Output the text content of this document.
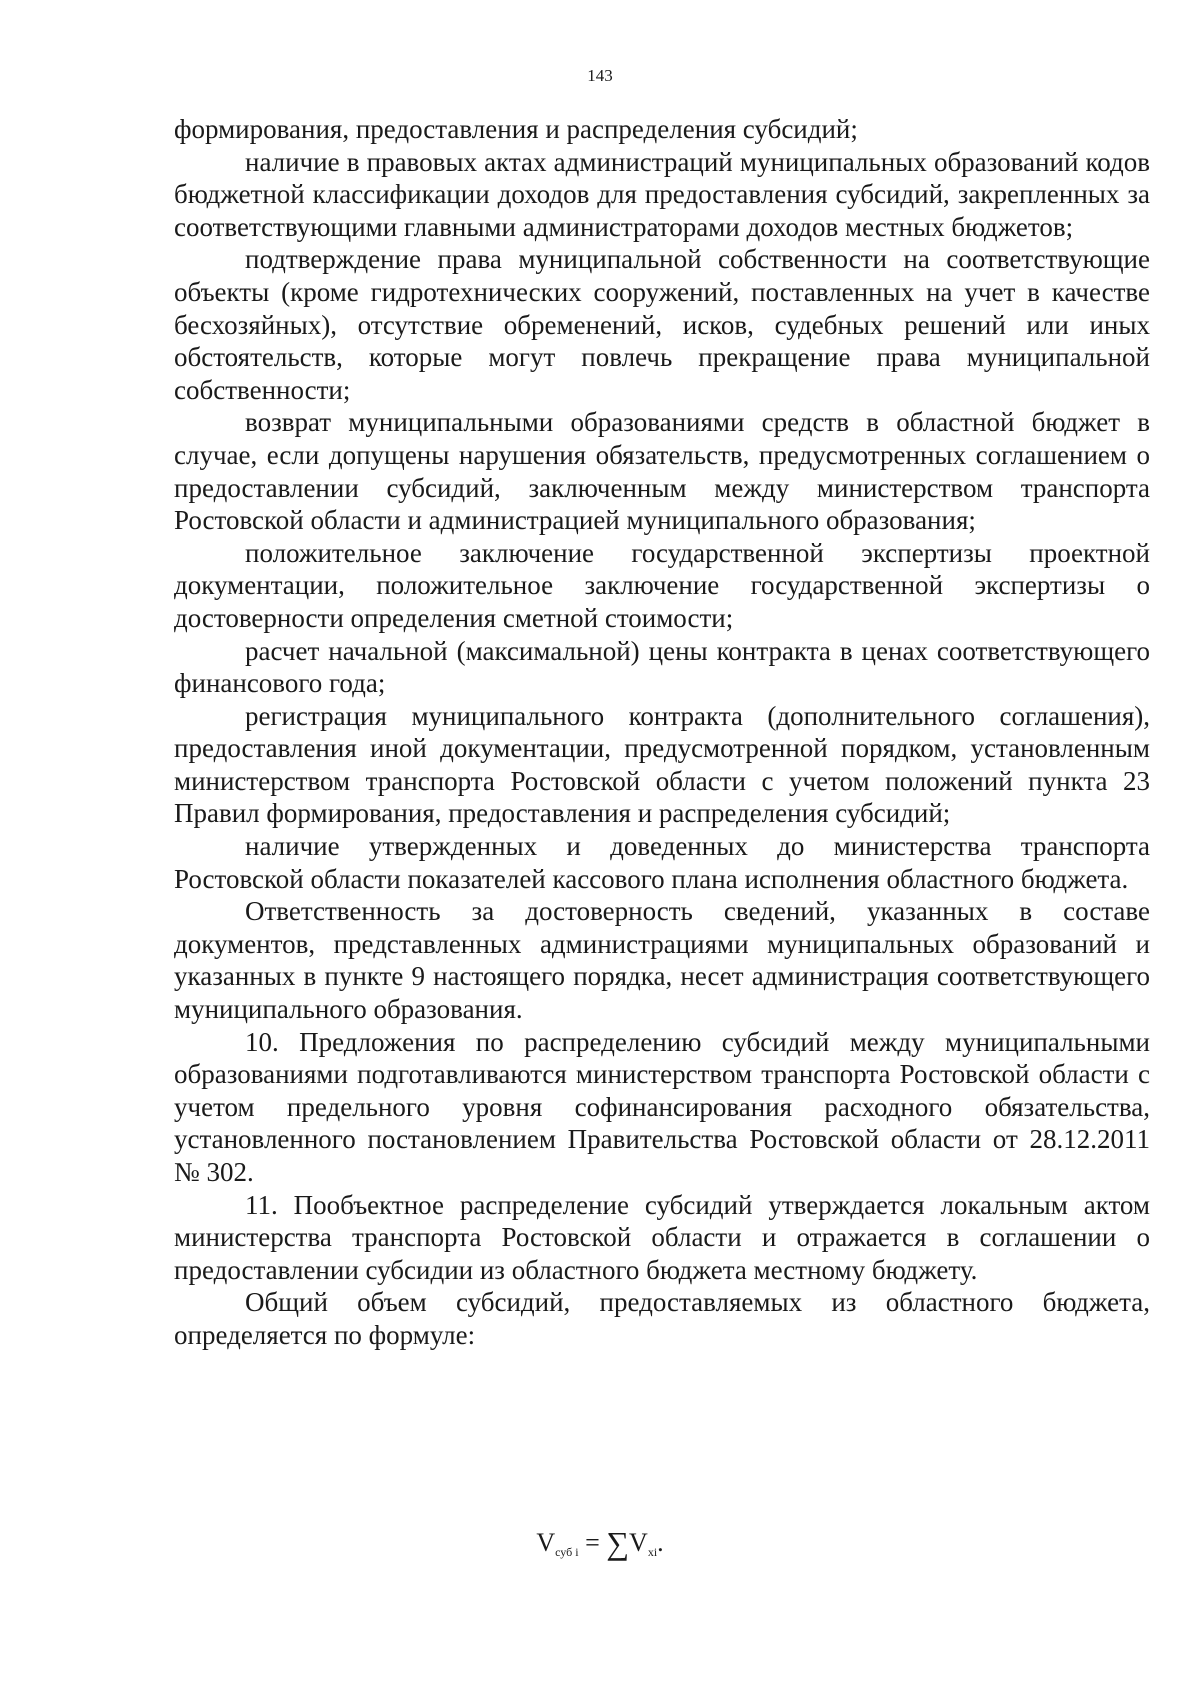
143

формирования, предоставления и распределения субсидий;

наличие в правовых актах администраций муниципальных образований кодов бюджетной классификации доходов для предоставления субсидий, закрепленных за соответствующими главными администраторами доходов местных бюджетов;

подтверждение права муниципальной собственности на соответствующие объекты (кроме гидротехнических сооружений, поставленных на учет в качестве бесхозяйных), отсутствие обременений, исков, судебных решений или иных обстоятельств, которые могут повлечь прекращение права муниципальной собственности;

возврат муниципальными образованиями средств в областной бюджет в случае, если допущены нарушения обязательств, предусмотренных соглашением о предоставлении субсидий, заключенным между министерством транспорта Ростовской области и администрацией муниципального образования;

положительное заключение государственной экспертизы проектной документации, положительное заключение государственной экспертизы о достоверности определения сметной стоимости;

расчет начальной (максимальной) цены контракта в ценах соответствующего финансового года;

регистрация муниципального контракта (дополнительного соглашения), предоставления иной документации, предусмотренной порядком, установленным министерством транспорта Ростовской области с учетом положений пункта 23 Правил формирования, предоставления и распределения субсидий;

наличие утвержденных и доведенных до министерства транспорта Ростовской области показателей кассового плана исполнения областного бюджета.

Ответственность за достоверность сведений, указанных в составе документов, представленных администрациями муниципальных образований и указанных в пункте 9 настоящего порядка, несет администрация соответствующего муниципального образования.

10. Предложения по распределению субсидий между муниципальными образованиями подготавливаются министерством транспорта Ростовской области с учетом предельного уровня софинансирования расходного обязательства, установленного постановлением Правительства Ростовской области от 28.12.2011 № 302.

11. Пообъектное распределение субсидий утверждается локальным актом министерства транспорта Ростовской области и отражается в соглашении о предоставлении субсидии из областного бюджета местному бюджету.

Общий объем субсидий, предоставляемых из областного бюджета, определяется по формуле:

$V_{суб i} = \sum V_{xi}$.
